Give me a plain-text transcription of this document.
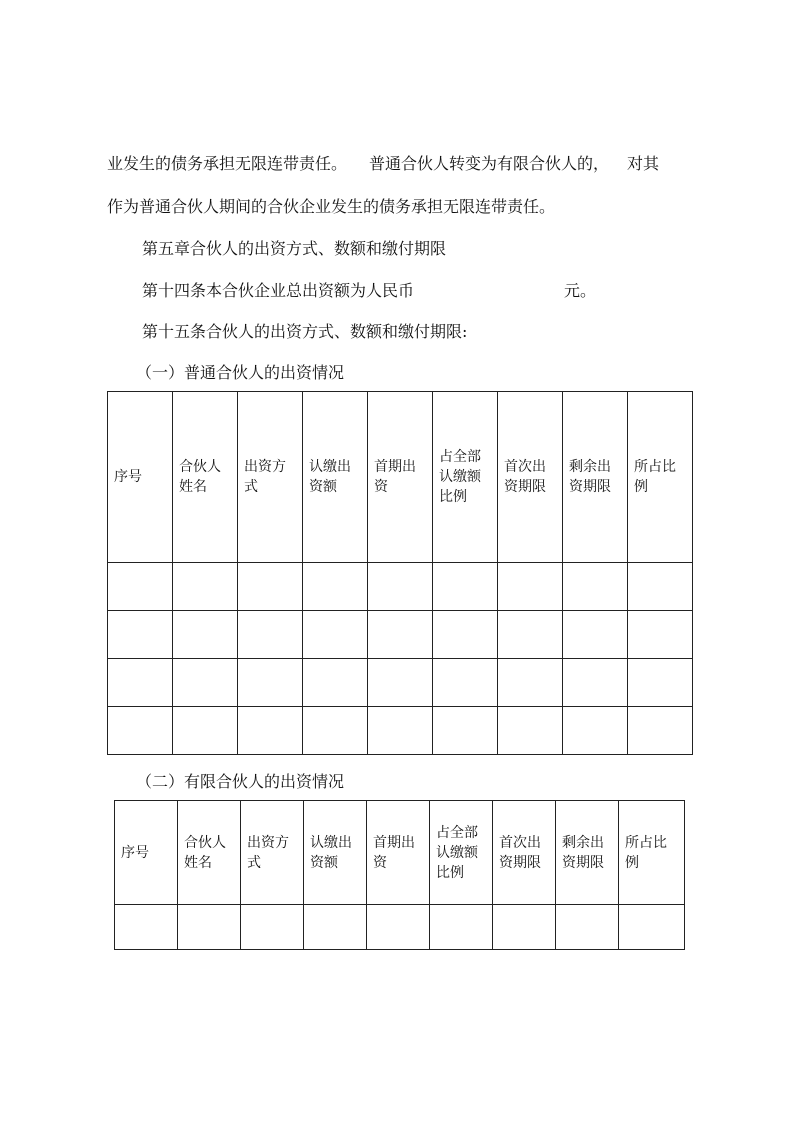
业发生的债务承担无限连带责任。 普通合伙人转变为有限合伙人的， 对其
作为普通合伙人期间的合伙企业发生的债务承担无限连带责任。
第五章合伙人的出资方式、数额和缴付期限
第十四条本合伙企业总出资额为人民币	元。
第十五条合伙人的出资方式、数额和缴付期限:
（一）普通合伙人的出资情况
序号	合伙人姓名	出资方式	认缴出资额	首期出资	占全部认缴额比例	首次出资期限	剩余出资期限	所占比例

（二）有限合伙人的出资情况
序号	合伙人姓名	出资方式	认缴出资额	首期出资	占全部认缴额比例	首次出资期限	剩余出资期限	所占比例
